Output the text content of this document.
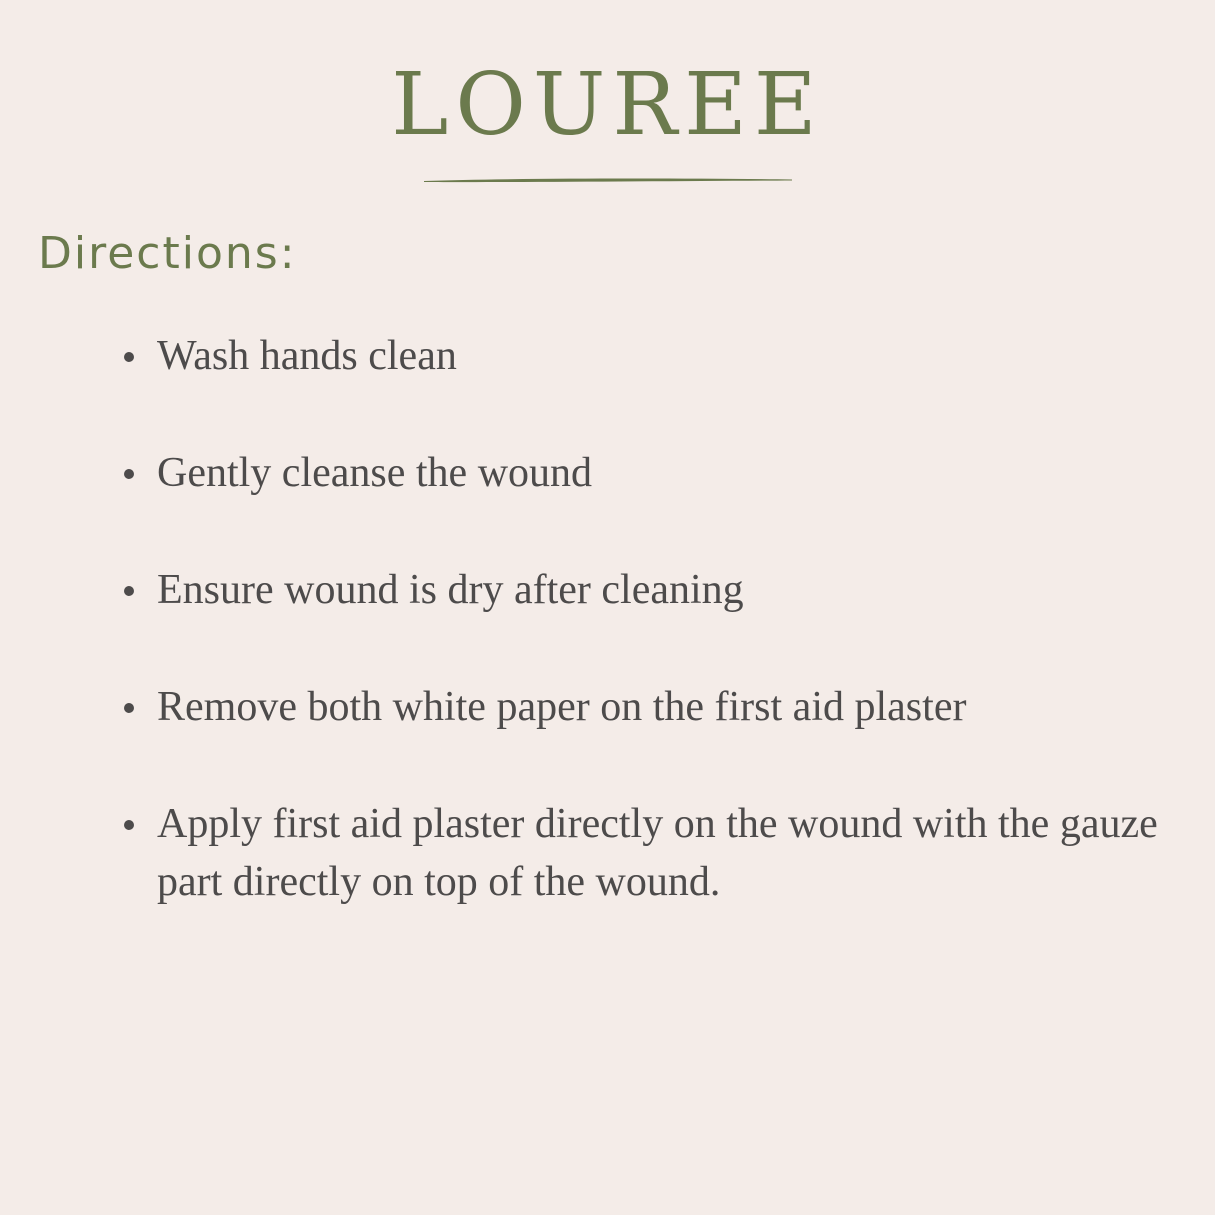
LOUREE
Directions:
Wash hands clean
Gently cleanse the wound
Ensure wound is dry after cleaning
Remove both white paper on the first aid plaster
Apply first aid plaster directly on the wound with the gauze part directly on top of the wound.
